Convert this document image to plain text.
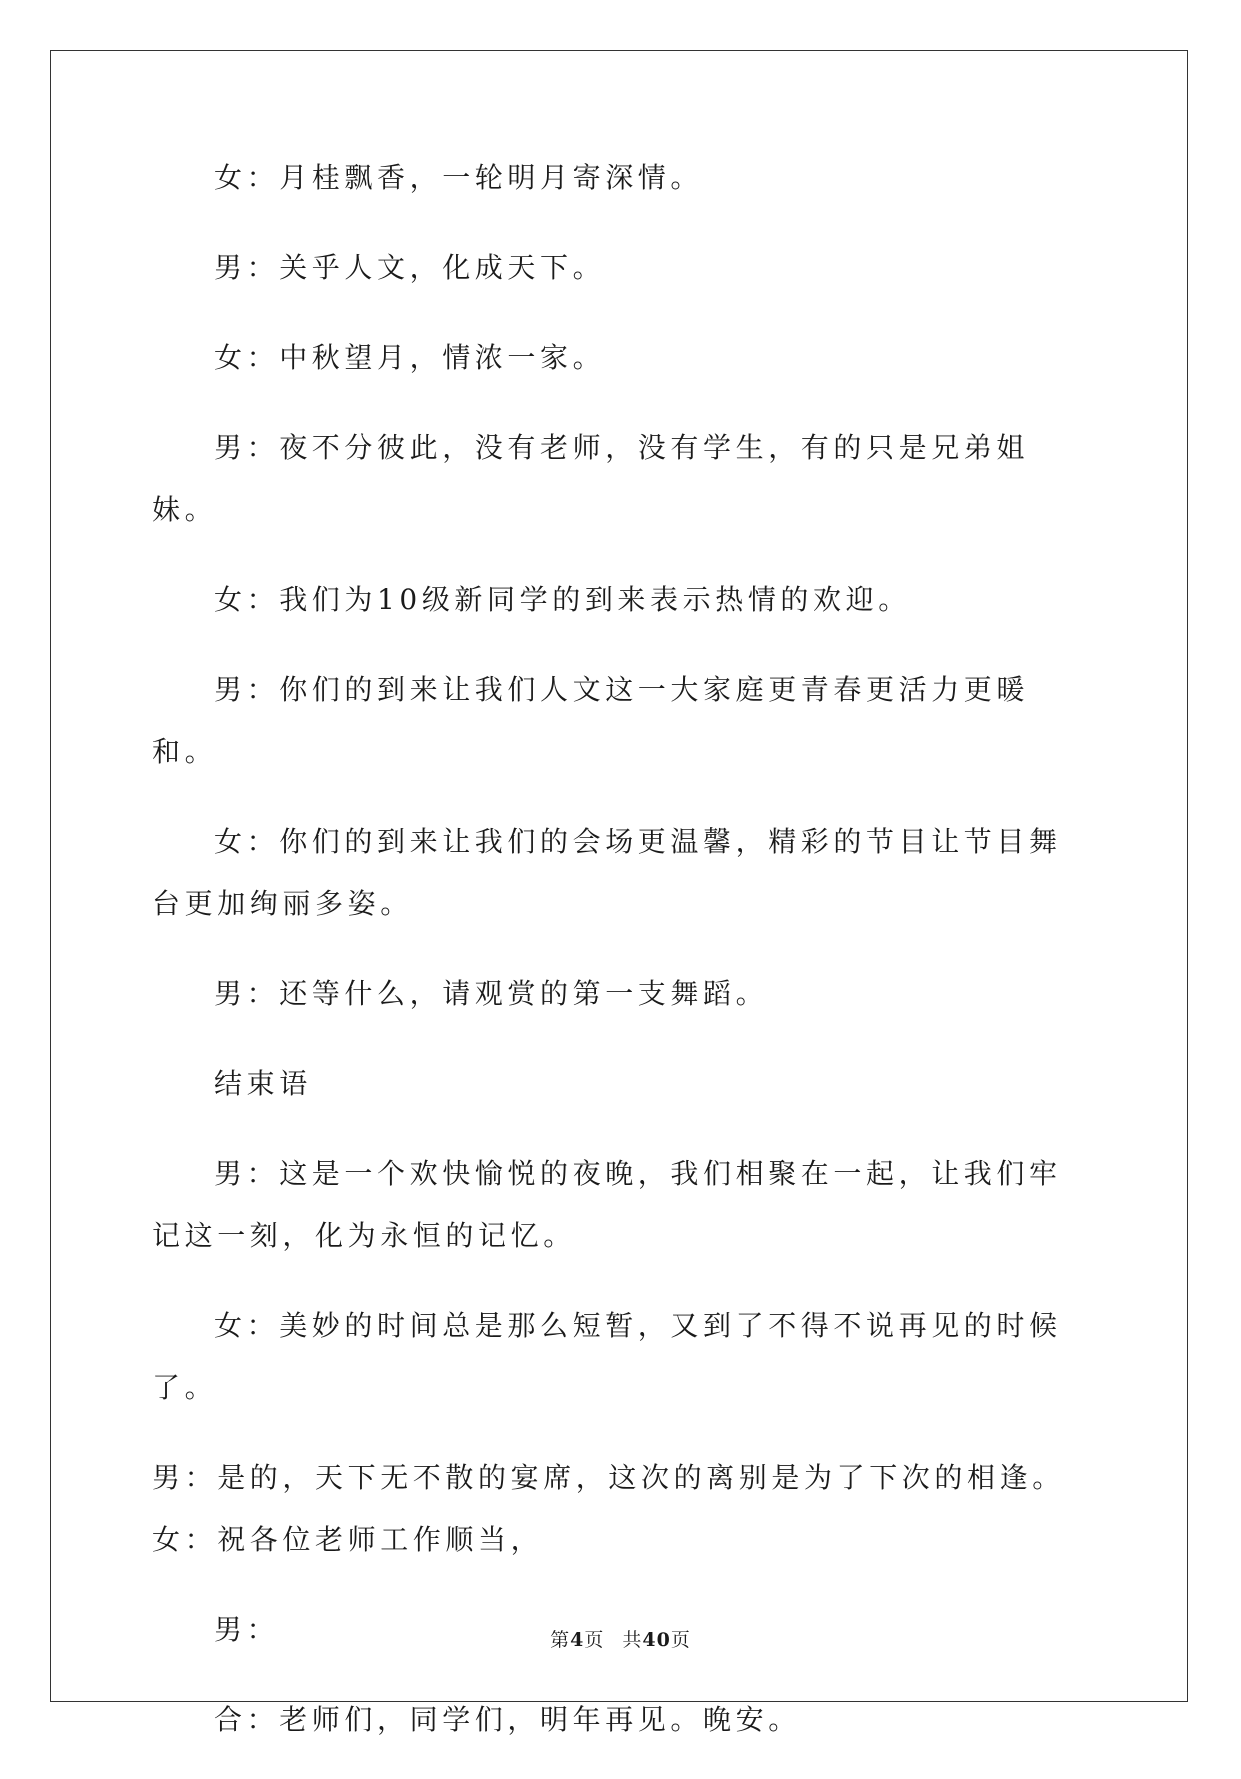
女：月桂飘香，一轮明月寄深情。

男：关乎人文，化成天下。

女：中秋望月，情浓一家。

男：夜不分彼此，没有老师，没有学生，有的只是兄弟姐妹。

女：我们为10级新同学的到来表示热情的欢迎。

男：你们的到来让我们人文这一大家庭更青春更活力更暖和。

女：你们的到来让我们的会场更温馨，精彩的节目让节目舞台更加绚丽多姿。

男：还等什么，请观赏的第一支舞蹈。

结束语

男：这是一个欢快愉悦的夜晚，我们相聚在一起，让我们牢记这一刻，化为永恒的记忆。

女：美妙的时间总是那么短暂，又到了不得不说再见的时候了。

男：是的，天下无不散的宴席，这次的离别是为了下次的相逢。女：祝各位老师工作顺当，

男：

合：老师们，同学们，明年再见。晚安。

第4页 共40页
